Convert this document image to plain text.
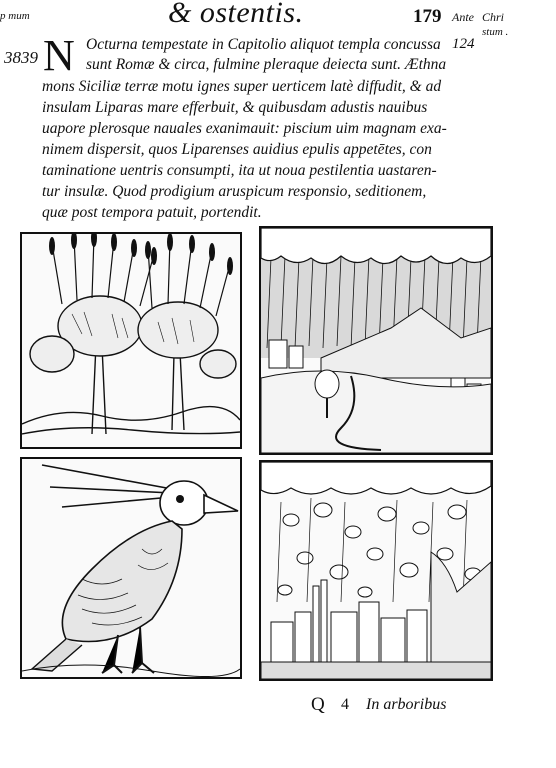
p mum	& ostentis.	179 Ante Chri
stum .
3839
124
N Octurna tempestate in Capitolio aliquot templa concussa
sunt Romæ & circa, fulmine pleraque deiecta sunt. Æthna
mons Siciliæ terræ motu ignes super uerticem latè diffudit, & ad
insulam Liparas mare efferbuit, & quibusdam adustis nauibus
uapore plerosque nauales exanimauit: piscium uim magnam exa-
nimem dispersit, quos Liparenses auidius epulis appetētes, con
taminatione uentris consumpti, ita ut noua pestilentia uastaren-
tur insulæ. Quod prodigium aruspicum responsio, seditionem,
quæ post tempora patuit, portendit.
Q 4 In arboribus
